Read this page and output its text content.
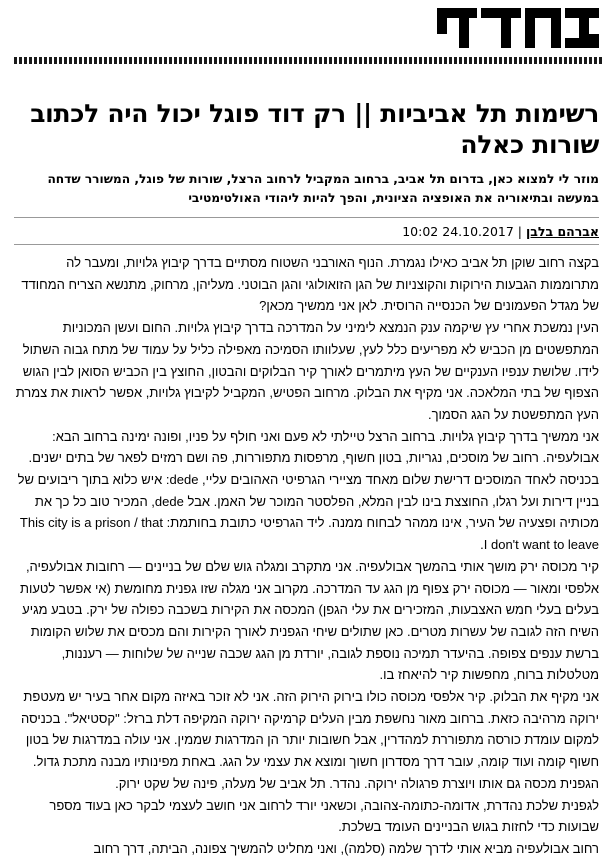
רשימות תל אביביות || רק דוד פוגל יכול היה לכתוב שורות כאלה
מוזר לי למצוא כאן, בדרום תל אביב, ברחוב המקביל לרחוב הרצל, שורות של פוגל, המשורר שדחה במעשה ובתיאוריה את האופציה הציונית, והפך להיות ליהודי האולטימטיבי
אברהם בלבן | 24.10.2017 10:02

בקצה רחוב שוקן תל אביב כאילו נגמרת. הנוף האורבני השטוח מסתיים בדרך קיבוץ גלויות, ומעבר לה מתרוממות הגבעות הירוקות והקוצניות של הגן הזואולוגי והגן הבוטני. מעליהן, מרחוק, מתנשא הצריח המחודד של מגדל הפעמונים של הכנסייה הרוסית. לאן אני ממשיך מכאן?

העין נמשכת אחרי עץ שיקמה ענק הנמצא לימיני על המדרכה בדרך קיבוץ גלויות. החום ועשן המכוניות המתפשטים מן הכביש לא מפריעים כלל לעץ, שעלוותו הסמיכה מאפילה כליל על עמוד של מתח גבוה השתול לידו. שלושת ענפיו הענקיים של העץ מיתמרים לאורך קיר הבלוקים והבטון, החוצץ בין הכביש הסואן לבין הגוש הצפוף של בתי המלאכה. אני מקיף את הבלוק. מרחוב הפטיש, המקביל לקיבוץ גלויות, אפשר לראות את צמרת העץ המתפשטת על הגג הסמוך.

אני ממשיך בדרך קיבוץ גלויות. ברחוב הרצל טיילתי לא פעם ואני חולף על פניו, ופונה ימינה ברחוב הבא: אבולעפיה. רחוב של מוסכים, נגריות, בטון חשוף, מרפסות מתפוררות, פה ושם רמזים לפאר של בתים ישנים. בכניסה לאחד המוסכים דרישת שלום מאחד מציירי הגרפיטי האהובים עליי, dede: איש כלוא בתוך ריבועים של בניין דירות ועל רגלו, החוצצת בינו לבין המלא, הפלסטר המוכר של האמן. אבל dede, המכיר טוב כל כך את מכותיה ופצעיה של העיר, אינו ממהר לבחוח ממנה. ליד הגרפיטי כתובת בחותמת: This city is a prison / that I don't want to leave.

קיר מכוסה ירק מושך אותי בהמשך אבולעפיה. אני מתקרב ומגלה גוש שלם של בניינים — רחובות אבולעפיה, אלפסי ומאור — מכוסה ירק צפוף מן הגג עד המדרכה. מקרוב אני מגלה שזו גפנית מחומשת (אי אפשר לטעות בעלים בעלי חמש האצבעות, המזכירים את עלי הגפן) המכסה את הקירות בשכבה כפולה של ירק. בטבע מגיע השיח הזה לגובה של עשרות מטרים. כאן שתולים שיחי הגפנית לאורך הקירות והם מכסים את שלוש הקומות ברשת ענפים צפופה. בהיעדר תמיכה נוספת לגובה, יורדת מן הגג שכבה שנייה של שלוחות — רעננות, מטלטלות ברוח, מחפשות קיר להיאחז בו.

אני מקיף את הבלוק. קיר אלפסי מכוסה כולו בירוק הירוק הזה. אני לא זוכר באיזה מקום אחר בעיר יש מעטפת ירוקה מרהיבה כזאת. ברחוב מאור נחשפת מבין העלים קרמיקה ירוקה המקיפה דלת ברזל: "קסטיאל". בכניסה למקום עומדת כורסה מתפוררת למהדרין, אבל חשובות יותר הן המדרגות שממין. אני עולה במדרגות של בטון חשוף קומה ועוד קומה, עובר דרך מסדרון חשוך ומוצא את עצמי על הגג. באחת מפינותיו מבנה מתכת גדול. הגפנית מכסה גם אותו ויוצרת פרגולה ירוקה. נהדר. תל אביב של מעלה, פינה של שקט ירוק.

לגפנית שלכת נהדרת, אדומה-כתומה-צהובה, וכשאני יורד לרחוב אני חושב לעצמי לבקר כאן בעוד מספר שבועות כדי לחזות בגוש הבניינים העומד בשלכת.

רחוב אבולעפיה מביא אותי לדרך שלמה (סלמה), ואני מחליט להמשיך צפונה, הביתה, דרך רחוב
